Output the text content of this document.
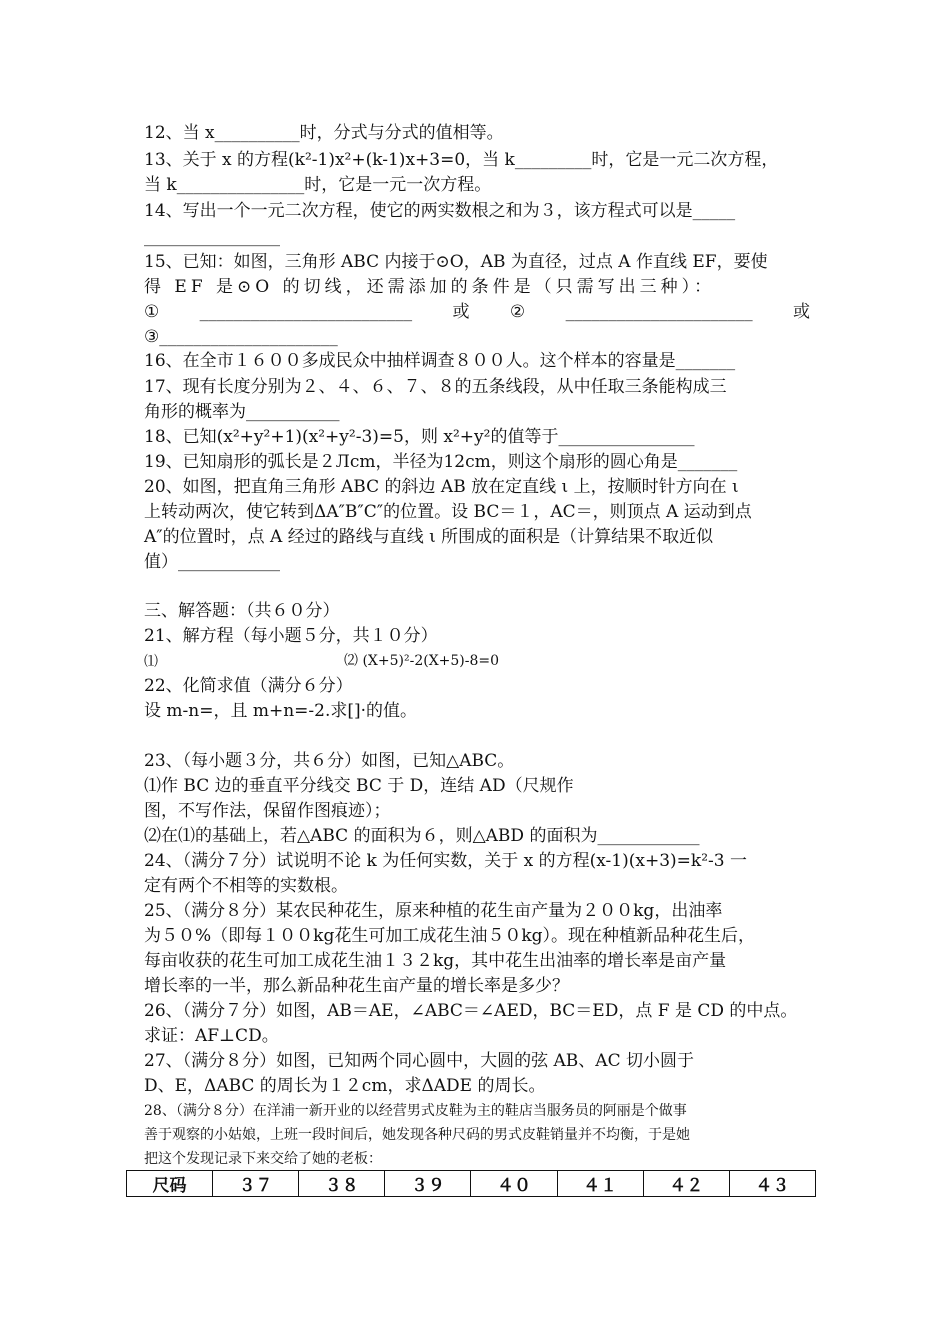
12、当 x__________时，分式与分式的值相等。
13、关于 x 的方程(k²-1)x²+(k-1)x+3=0，当 k_________时，它是一元二次方程，
当 k_______________时，它是一元一次方程。
14、写出一个一元二次方程，使它的两实数根之和为３，该方程式可以是_____
________________
15、已知：如图，三角形 ABC 内接于⊙O，AB 为直径，过点 A 作直线 EF，要使
得 EF 是⊙O 的切线，还需添加的条件是（只需写出三种）：
① _________________________ 或 ② ______________________ 或
③_____________________
16、在全市１６００多成民众中抽样调查８００人。这个样本的容量是_______
17、现有长度分别为２、４、６、７、８的五条线段，从中任取三条能构成三
角形的概率为___________
18、已知(x²+y²+1)(x²+y²-3)=5，则 x²+y²的值等于________________
19、已知扇形的弧长是２Лcm，半径为12cm，则这个扇形的圆心角是_______
20、如图，把直角三角形 ABC 的斜边 AB 放在定直线 ι 上，按顺时针方向在 ι
上转动两次，使它转到ΔA″B″C″的位置。设 BC＝１，AC＝，则顶点 A 运动到点
A″的位置时，点 A 经过的路线与直线 ι 所围成的面积是（计算结果不取近似
值）____________
三、解答题：（共６０分）
21、解方程（每小题５分，共１０分）
⑴	⑵ (X+5)²-2(X+5)-8=0
22、化简求值（满分６分）
设 m-n=，且 m+n=-2.求[]·的值。
23、（每小题３分，共６分）如图，已知△ABC。
⑴作 BC 边的垂直平分线交 BC 于 D，连结 AD（尺规作
图，不写作法，保留作图痕迹）；
⑵在⑴的基础上，若△ABC 的面积为６，则△ABD 的面积为____________
24、（满分７分）试说明不论 k 为任何实数，关于 x 的方程(x-1)(x+3)=k²-3 一
定有两个不相等的实数根。
25、（满分８分）某农民种花生，原来种植的花生亩产量为２００kg，出油率
为５０%（即每１００kg花生可加工成花生油５０kg）。现在种植新品种花生后，
每亩收获的花生可加工成花生油１３２kg，其中花生出油率的增长率是亩产量
增长率的一半，那么新品种花生亩产量的增长率是多少？
26、（满分７分）如图，AB＝AE，∠ABC＝∠AED，BC＝ED，点 F 是 CD 的中点。
求证：AF⊥CD。
27、（满分８分）如图，已知两个同心圆中，大圆的弦 AB、AC 切小圆于
D、E，ΔABC 的周长为１２cm，求ΔADE 的周长。
28、（满分８分）在洋浦一新开业的以经营男式皮鞋为主的鞋店当服务员的阿丽是个做事
善于观察的小姑娘，上班一段时间后，她发现各种尺码的男式皮鞋销量并不均衡，于是她
把这个发现记录下来交给了她的老板：
尺码	３７	３８	３９	４０	４１	４２	４３
